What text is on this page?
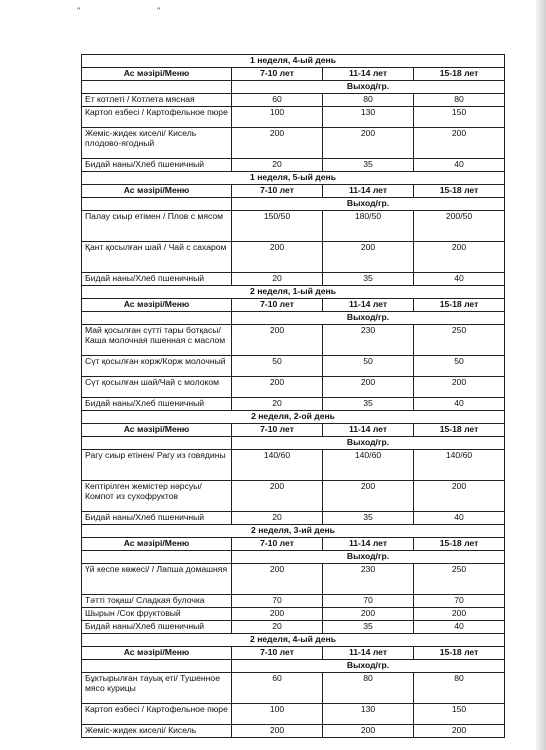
"	"
1 неделя, 4-ый день			
Ас мәзірі/Меню	7-10 лет	11-14 лет	15-18 лет
	Выход/гр.		
Ет котлеті / Котлета мясная	60	80	80
Картоп езбесі / Картофельное пюре	100	130	150
Жеміс-жидек киселі/ Кисель плодово-ягодный	200	200	200
Бидай наны/Хлеб пшеничный	20	35	40
1 неделя, 5-ый день			
Ас мәзірі/Меню	7-10 лет	11-14 лет	15-18 лет
	Выход/гр.		
Палау сиыр етімен / Плов с мясом	150/50	180/50	200/50
Қант қосылған шай / Чай с сахаром	200	200	200
Бидай наны/Хлеб пшеничный	20	35	40
2 неделя, 1-ый день			
Ас мәзірі/Меню	7-10 лет	11-14 лет	15-18 лет
	Выход/гр.		
Май қосылған сүтті тары ботқасы/Каша молочная пшенная с маслом	200	230	250
Сүт қосылған корж/Корж молочный	50	50	50
Сүт қосылған шай/Чай с молоком	200	200	200
Бидай наны/Хлеб пшеничный	20	35	40
2 неделя, 2-ой день			
Ас мәзірі/Меню	7-10 лет	11-14 лет	15-18 лет
	Выход/гр.		
Рагу сиыр етінен/ Рагу из говядины	140/60	140/60	140/60
Кептірілген жемістер нәрсуы/Компот из сухофруктов	200	200	200
Бидай наны/Хлеб пшеничный	20	35	40
2 неделя, 3-ий день			
Ас мәзірі/Меню	7-10 лет	11-14 лет	15-18 лет
	Выход/гр.		
Үй кеспе көжесі/ / Лапша домашняя	200	230	250
Тәтті тоқаш/ Сладкая булочка	70	70	70
Шырын /Сок фруктовый	200	200	200
Бидай наны/Хлеб пшеничный	20	35	40
2 неделя, 4-ый день			
Ас мәзірі/Меню	7-10 лет	11-14 лет	15-18 лет
	Выход/гр.		
Бұктырылған тауық еті/ Тушенное мясо курицы	60	80	80
Картоп езбесі / Картофельное пюре	100	130	150
Жеміс-жидек киселі/ Кисель	200	200	200
